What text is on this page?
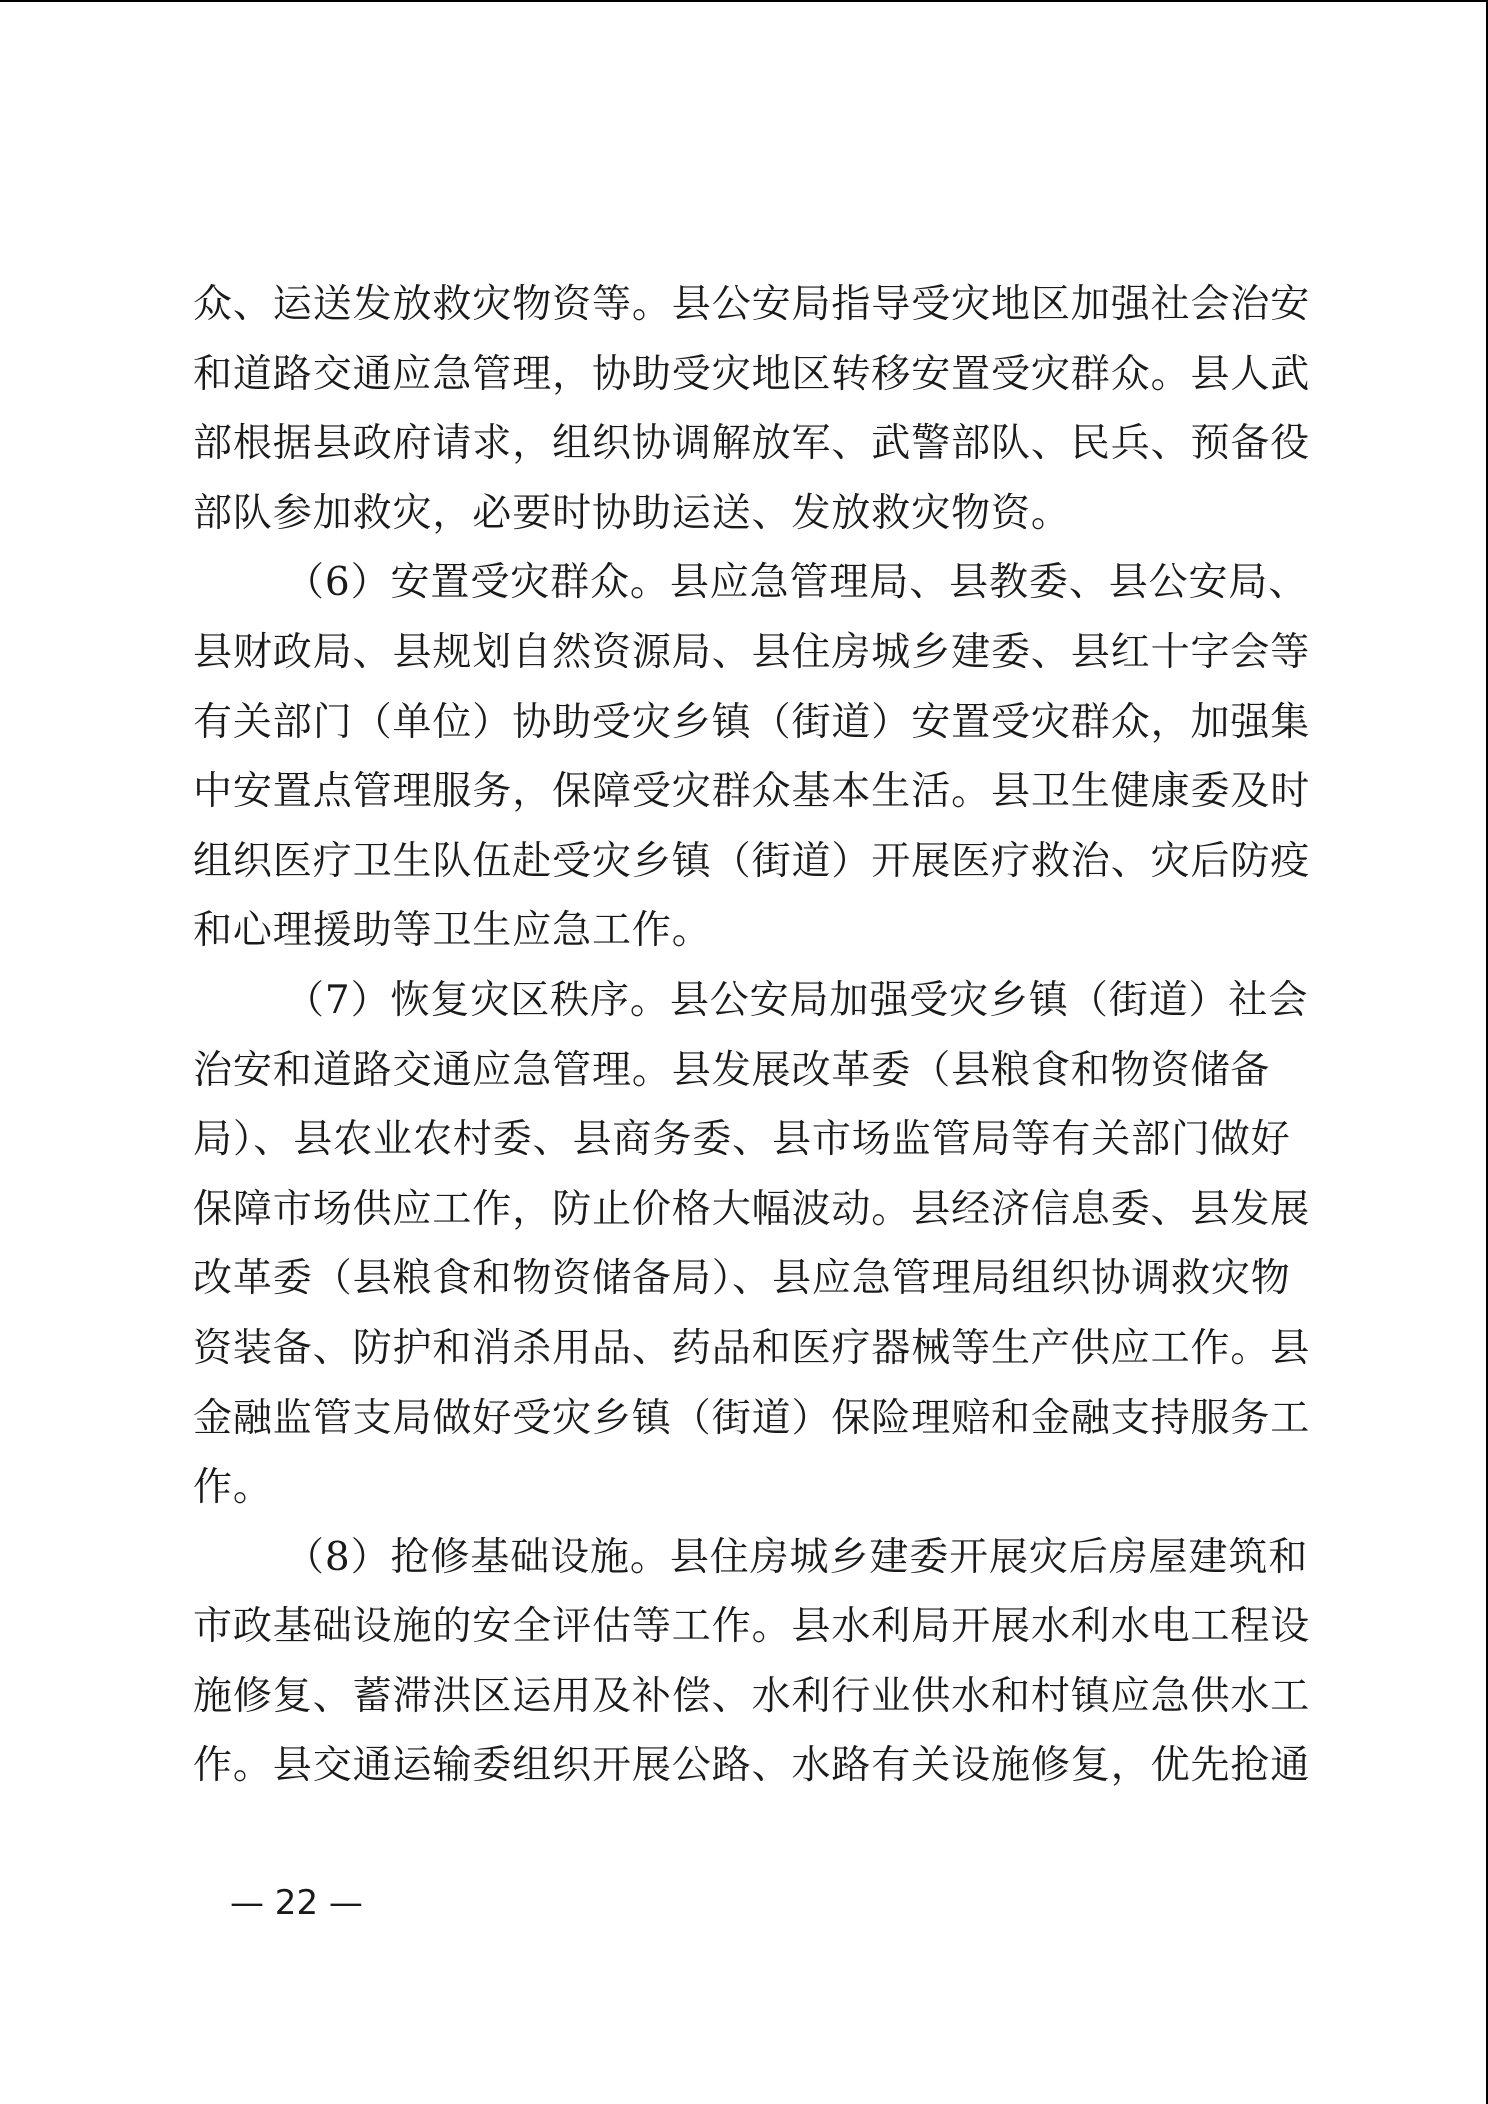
众、运送发放救灾物资等。县公安局指导受灾地区加强社会治安
和道路交通应急管理，协助受灾地区转移安置受灾群众。县人武
部根据县政府请求，组织协调解放军、武警部队、民兵、预备役
部队参加救灾，必要时协助运送、发放救灾物资。
（6）安置受灾群众。县应急管理局、县教委、县公安局、
县财政局、县规划自然资源局、县住房城乡建委、县红十字会等
有关部门（单位）协助受灾乡镇（街道）安置受灾群众，加强集
中安置点管理服务，保障受灾群众基本生活。县卫生健康委及时
组织医疗卫生队伍赴受灾乡镇（街道）开展医疗救治、灾后防疫
和心理援助等卫生应急工作。
（7）恢复灾区秩序。县公安局加强受灾乡镇（街道）社会
治安和道路交通应急管理。县发展改革委（县粮食和物资储备
局）、县农业农村委、县商务委、县市场监管局等有关部门做好
保障市场供应工作，防止价格大幅波动。县经济信息委、县发展
改革委（县粮食和物资储备局）、县应急管理局组织协调救灾物
资装备、防护和消杀用品、药品和医疗器械等生产供应工作。县
金融监管支局做好受灾乡镇（街道）保险理赔和金融支持服务工
作。
（8）抢修基础设施。县住房城乡建委开展灾后房屋建筑和
市政基础设施的安全评估等工作。县水利局开展水利水电工程设
施修复、蓄滞洪区运用及补偿、水利行业供水和村镇应急供水工
作。县交通运输委组织开展公路、水路有关设施修复，优先抢通
— 22 —
